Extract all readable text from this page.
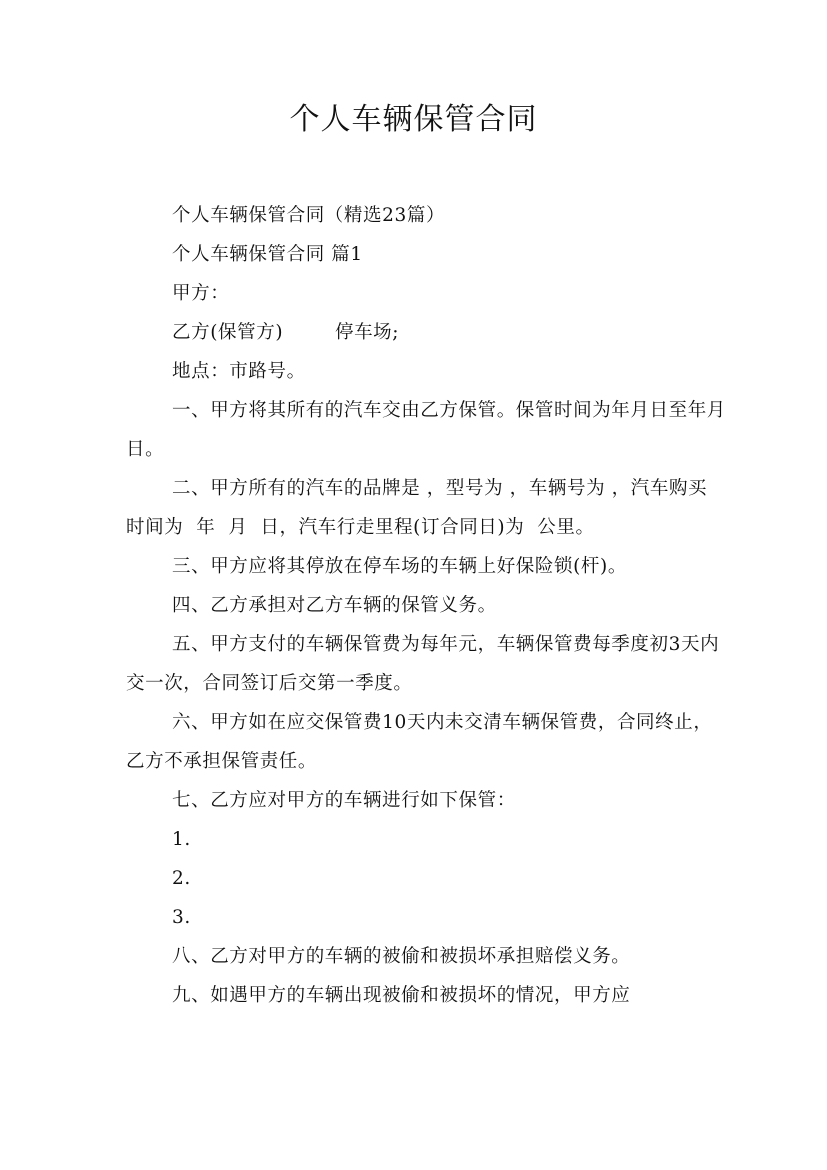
个人车辆保管合同

个人车辆保管合同（精选23篇）

个人车辆保管合同 篇1

甲方：

乙方(保管方)        停车场;

地点：市路号。

一、甲方将其所有的汽车交由乙方保管。保管时间为年月日至年月日。

二、甲方所有的汽车的品牌是 ，型号为 ，车辆号为 ，汽车购买时间为  年  月  日，汽车行走里程(订合同日)为  公里。

三、甲方应将其停放在停车场的车辆上好保险锁(杆)。

四、乙方承担对乙方车辆的保管义务。

五、甲方支付的车辆保管费为每年元，车辆保管费每季度初3天内交一次，合同签订后交第一季度。

六、甲方如在应交保管费10天内未交清车辆保管费，合同终止，乙方不承担保管责任。

七、乙方应对甲方的车辆进行如下保管：

1.

2.

3.

八、乙方对甲方的车辆的被偷和被损坏承担赔偿义务。

九、如遇甲方的车辆出现被偷和被损坏的情况，甲方应
